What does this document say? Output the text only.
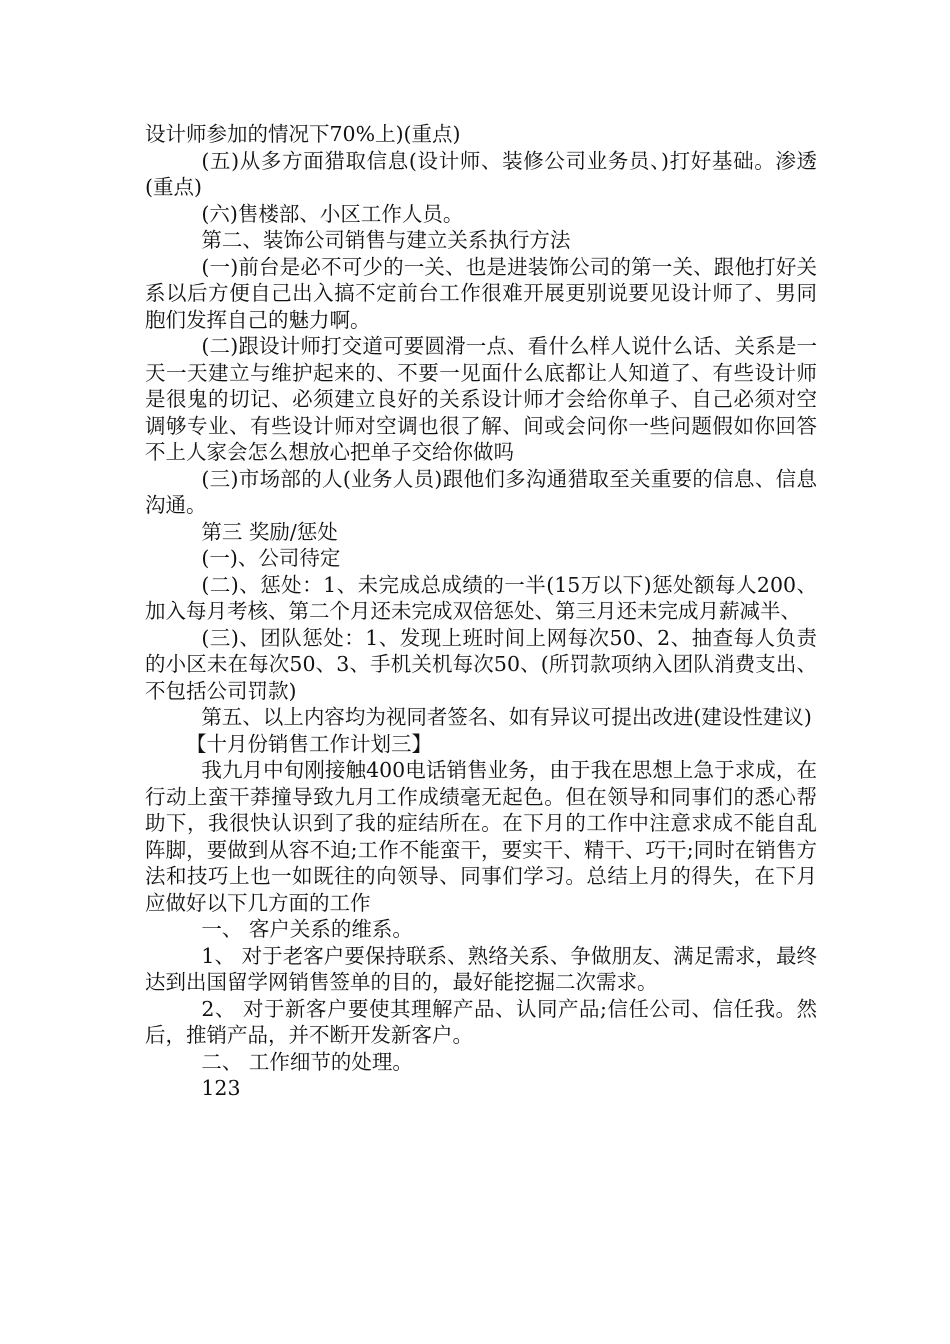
设计师参加的情况下70%上)(重点)

(五)从多方面猎取信息(设计师、装修公司业务员、)打好基础。渗透 (重点)

(六)售楼部、小区工作人员。

第二、装饰公司销售与建立关系执行方法

(一)前台是必不可少的一关、也是进装饰公司的第一关、跟他打好关系以后方便自己出入搞不定前台工作很难开展更别说要见设计师了、男同胞们发挥自己的魅力啊。

(二)跟设计师打交道可要圆滑一点、看什么样人说什么话、关系是一天一天建立与维护起来的、不要一见面什么底都让人知道了、有些设计师是很鬼的切记、必须建立良好的关系设计师才会给你单子、自己必须对空调够专业、有些设计师对空调也很了解、间或会问你一些问题假如你回答不上人家会怎么想放心把单子交给你做吗

(三)市场部的人(业务人员)跟他们多沟通猎取至关重要的信息、信息沟通。

第三 奖励/惩处

(一)、公司待定

(二)、惩处：1、未完成总成绩的一半(15万以下)惩处额每人200、加入每月考核、第二个月还未完成双倍惩处、第三月还未完成月薪减半、

(三)、团队惩处：1、发现上班时间上网每次50、2、抽查每人负责的小区未在每次50、3、手机关机每次50、(所罚款项纳入团队消费支出、不包括公司罚款)

第五、以上内容均为视同者签名、如有异议可提出改进(建设性建议)

【十月份销售工作计划三】

我九月中旬刚接触400电话销售业务，由于我在思想上急于求成，在行动上蛮干莽撞导致九月工作成绩毫无起色。但在领导和同事们的悉心帮助下，我很快认识到了我的症结所在。在下月的工作中注意求成不能自乱阵脚，要做到从容不迫;工作不能蛮干，要实干、精干、巧干;同时在销售方法和技巧上也一如既往的向领导、同事们学习。总结上月的得失，在下月应做好以下几方面的工作

一、 客户关系的维系。

1、 对于老客户要保持联系、熟络关系、争做朋友、满足需求，最终达到出国留学网销售签单的目的，最好能挖掘二次需求。

2、 对于新客户要使其理解产品、认同产品;信任公司、信任我。然后，推销产品，并不断开发新客户。

二、 工作细节的处理。

123
